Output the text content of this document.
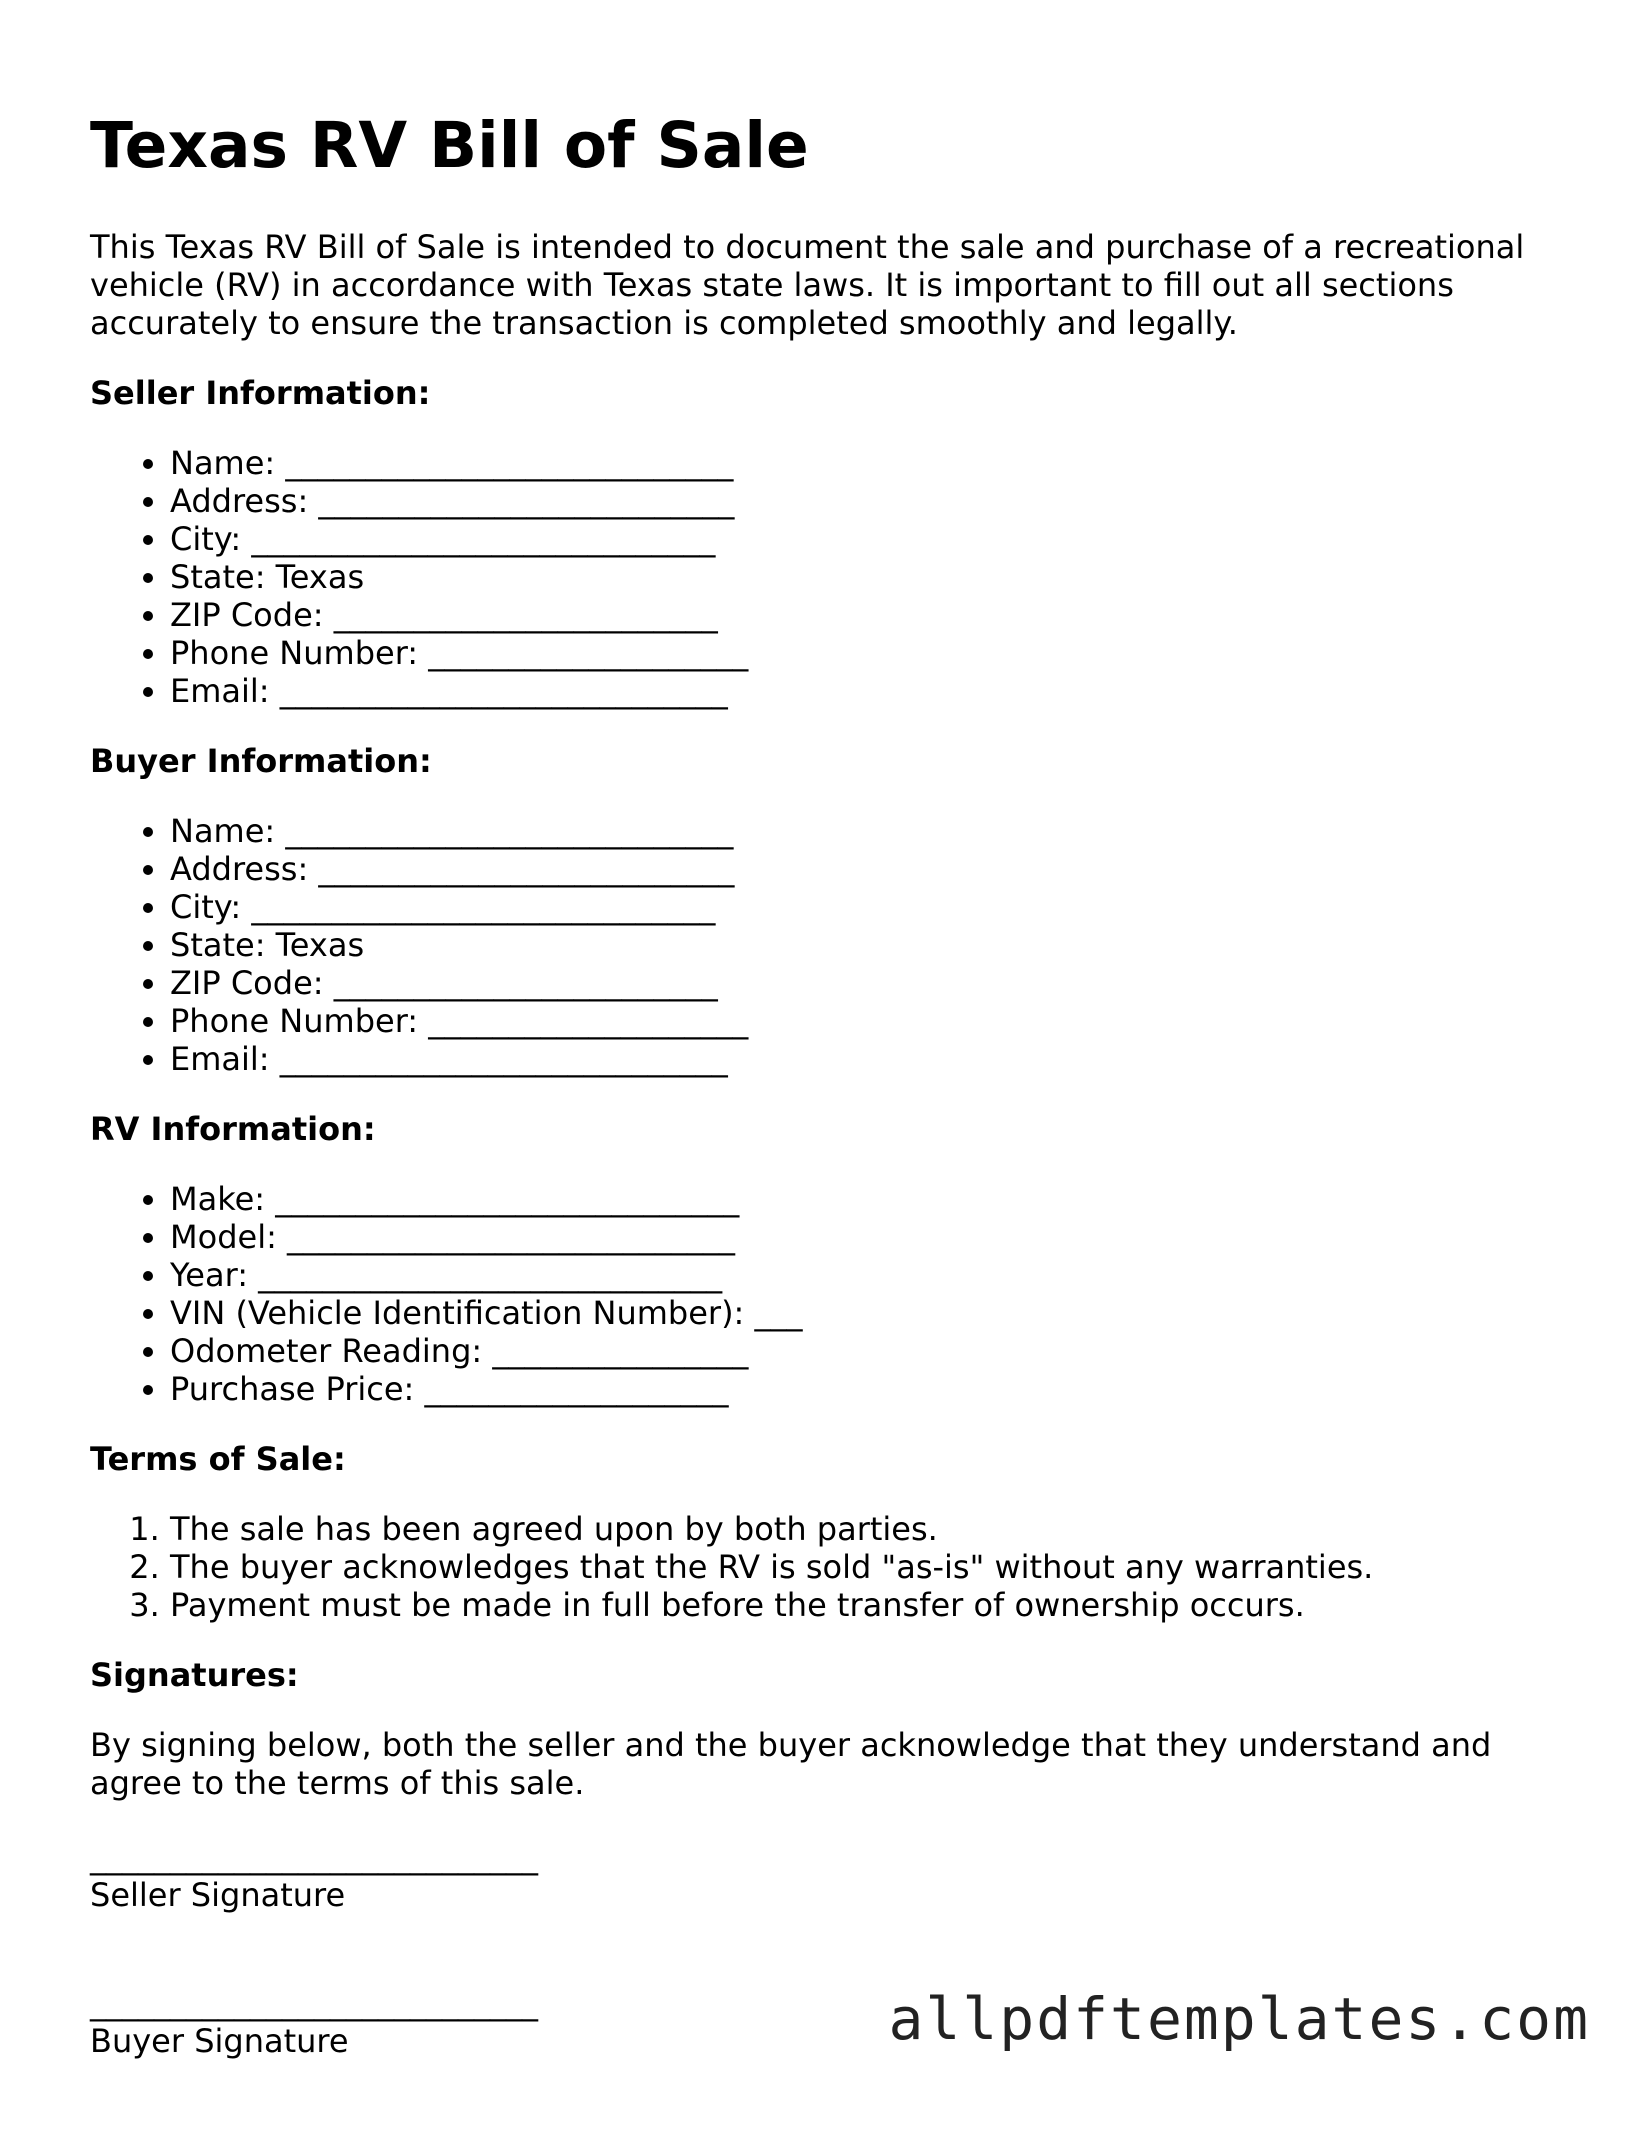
Texas RV Bill of Sale

This Texas RV Bill of Sale is intended to document the sale and purchase of a recreational vehicle (RV) in accordance with Texas state laws. It is important to fill out all sections accurately to ensure the transaction is completed smoothly and legally.

Seller Information:
• Name: ____________________________
• Address: __________________________
• City: _____________________________
• State: Texas
• ZIP Code: ________________________
• Phone Number: ____________________
• Email: ____________________________
Buyer Information:
• Name: ____________________________
• Address: __________________________
• City: _____________________________
• State: Texas
• ZIP Code: ________________________
• Phone Number: ____________________
• Email: ____________________________
RV Information:
• Make: _____________________________
• Model: ____________________________
• Year: _____________________________
• VIN (Vehicle Identification Number): ___
• Odometer Reading: ________________
• Purchase Price: ___________________
Terms of Sale:
1. The sale has been agreed upon by both parties.
2. The buyer acknowledges that the RV is sold "as-is" without any warranties.
3. Payment must be made in full before the transfer of ownership occurs.
Signatures:

By signing below, both the seller and the buyer acknowledge that they understand and agree to the terms of this sale.

____________________________
Seller Signature
____________________________
Buyer Signature	allpdftemplates.com
